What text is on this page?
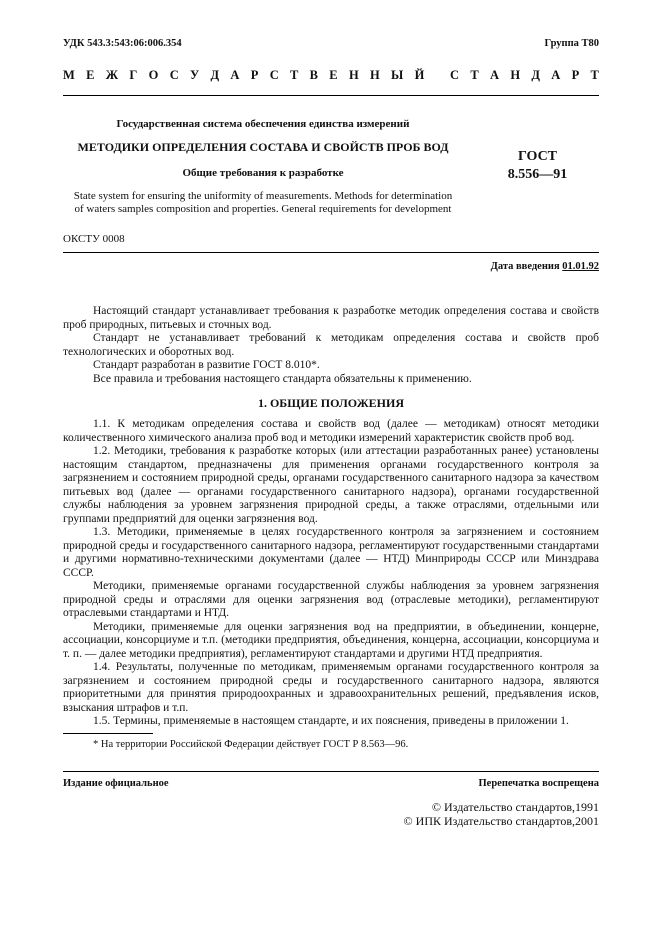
УДК 543.3:543:06:006.354	Группа Т80
М Е Ж Г О С У Д А Р С Т В Е Н Н Ы Й
С Т А Н Д А Р Т
Государственная система обеспечения единства измерений
МЕТОДИКИ ОПРЕДЕЛЕНИЯ СОСТАВА И СВОЙСТВ ПРОБ ВОД
Общие требования к разработке
ГОСТ
8.556—91
State system for ensuring the uniformity of measurements. Methods for determination
of waters samples composition and properties. General requirements for development
ОКСТУ 0008
Дата введения 01.01.92

Настоящий стандарт устанавливает требования к разработке методик определения состава и свойств проб природных, питьевых и сточных вод.

Стандарт не устанавливает требований к методикам определения состава и свойств проб технологических и оборотных вод.

Стандарт разработан в развитие ГОСТ 8.010*.

Все правила и требования настоящего стандарта обязательны к применению.

1. ОБЩИЕ ПОЛОЖЕНИЯ

1.1. К методикам определения состава и свойств вод (далее — методикам) относят методики количественного химического анализа проб вод и методики измерений характеристик свойств проб вод.

1.2. Методики, требования к разработке которых (или аттестации разработанных ранее) установлены настоящим стандартом, предназначены для применения органами государственного контроля за загрязнением и состоянием природной среды, органами государственного санитарного надзора за качеством питьевых вод (далее — органами государственного санитарного надзора), органами государственной службы наблюдения за уровнем загрязнения природной среды, а также отраслями, отдельными или группами предприятий для оценки загрязнения вод.

1.3. Методики, применяемые в целях государственного контроля за загрязнением и состоянием природной среды и государственного санитарного надзора, регламентируют государственными стандартами и другими нормативно-техническими документами (далее — НТД) Минприроды СССР или Минздрава СССР.

Методики, применяемые органами государственной службы наблюдения за уровнем загрязнения природной среды и отраслями для оценки загрязнения вод (отраслевые методики), регламентируют отраслевыми стандартами и НТД.

Методики, применяемые для оценки загрязнения вод на предприятии, в объединении, концерне, ассоциации, консорциуме и т.п. (методики предприятия, объединения, концерна, ассоциации, консорциума и т. п. — далее методики предприятия), регламентируют стандартами и другими НТД предприятия.

1.4. Результаты, полученные по методикам, применяемым органами государственного контроля за загрязнением и состоянием природной среды и государственного санитарного надзора, являются приоритетными для принятия природоохранных и здравоохранительных решений, предъявления исков, взыскания штрафов и т.п.

1.5. Термины, применяемые в настоящем стандарте, и их пояснения, приведены в приложении 1.

* На территории Российской Федерации действует ГОСТ Р 8.563—96.
Издание официальное	Перепечатка воспрещена
© Издательство стандартов,1991
© ИПК Издательство стандартов,2001
